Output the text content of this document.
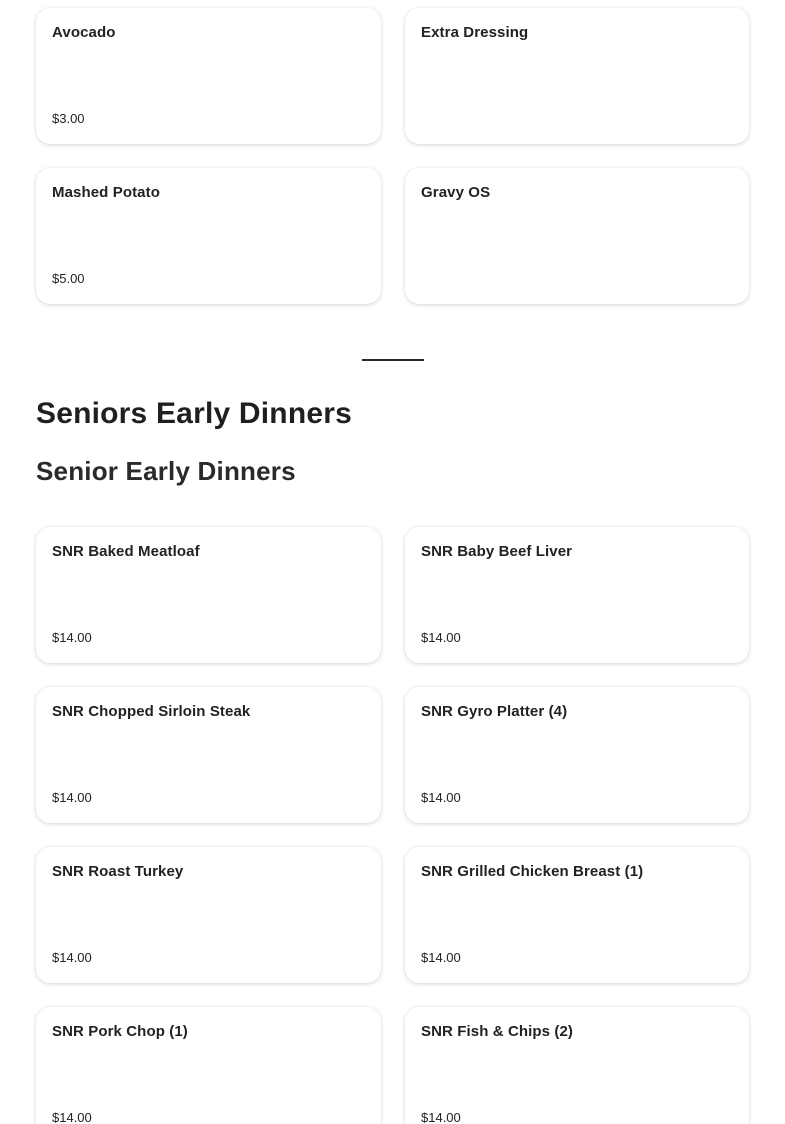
Avocado
$3.00
Extra Dressing
Mashed Potato
$5.00
Gravy OS
Seniors Early Dinners
Senior Early Dinners
SNR Baked Meatloaf
$14.00
SNR Baby Beef Liver
$14.00
SNR Chopped Sirloin Steak
$14.00
SNR Gyro Platter (4)
$14.00
SNR Roast Turkey
$14.00
SNR Grilled Chicken Breast (1)
$14.00
SNR Pork Chop (1)
$14.00
SNR Fish & Chips (2)
$14.00
